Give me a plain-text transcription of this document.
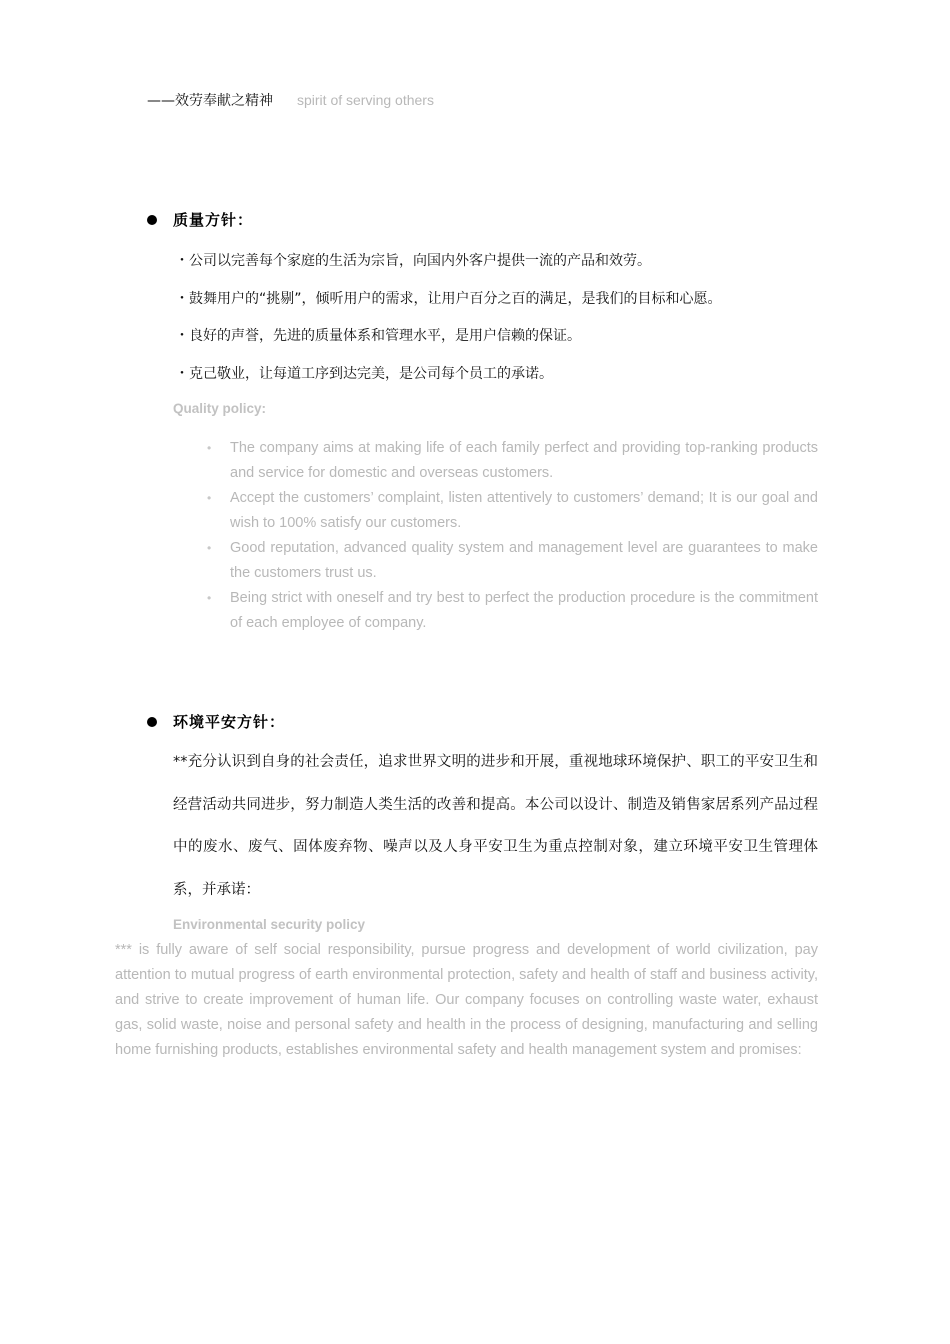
——效劳奉献之精神 spirit of serving others
质量方针：
・公司以完善每个家庭的生活为宗旨，向国内外客户提供一流的产品和效劳。
・鼓舞用户的“挑剔”，倾听用户的需求，让用户百分之百的满足，是我们的目标和心愿。
・良好的声誉，先进的质量体系和管理水平，是用户信赖的保证。
・克己敬业，让每道工序到达完美，是公司每个员工的承诺。
Quality policy:
• The company aims at making life of each family perfect and providing top-ranking products and service for domestic and overseas customers.
• Accept the customers’ complaint, listen attentively to customers’ demand; It is our goal and wish to 100% satisfy our customers.
• Good reputation, advanced quality system and management level are guarantees to make the customers trust us.
• Being strict with oneself and try best to perfect the production procedure is the commitment of each employee of company.
环境平安方针：

**充分认识到自身的社会责任，追求世界文明的进步和开展，重视地球环境保护、职工的平安卫生和经营活动共同进步，努力制造人类生活的改善和提高。本公司以设计、制造及销售家居系列产品过程中的废水、废气、固体废弃物、噪声以及人身平安卫生为重点控制对象，建立环境平安卫生管理体系，并承诺：

Environmental security policy

*** is fully aware of self social responsibility, pursue progress and development of world civilization, pay attention to mutual progress of earth environmental protection, safety and health of staff and business activity, and strive to create improvement of human life. Our company focuses on controlling waste water, exhaust gas, solid waste, noise and personal safety and health in the process of designing, manufacturing and selling home furnishing products, establishes environmental safety and health management system and promises:
